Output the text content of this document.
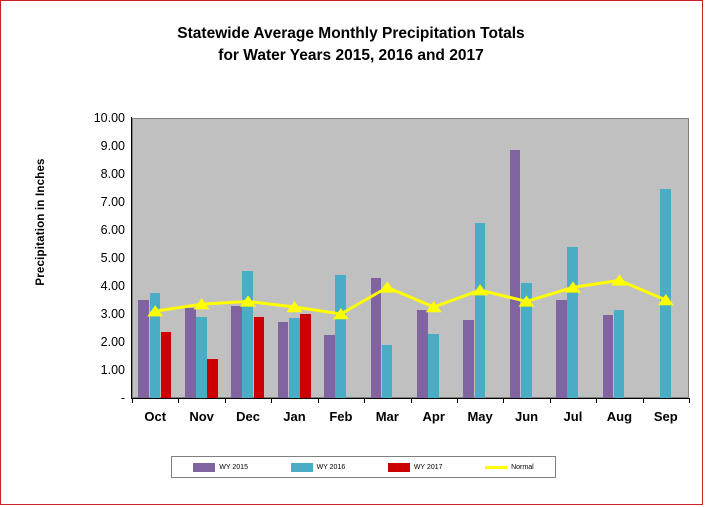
Statewide Average Monthly Precipitation Totals
for Water Years 2015, 2016 and 2017
Precipitation in Inches
10.00
9.00
8.00
7.00
6.00
5.00
4.00
3.00
2.00
1.00
-
Oct Nov Dec Jan Feb Mar Apr May Jun Jul Aug Sep
WY 2015	WY 2016	WY 2017	Normal
